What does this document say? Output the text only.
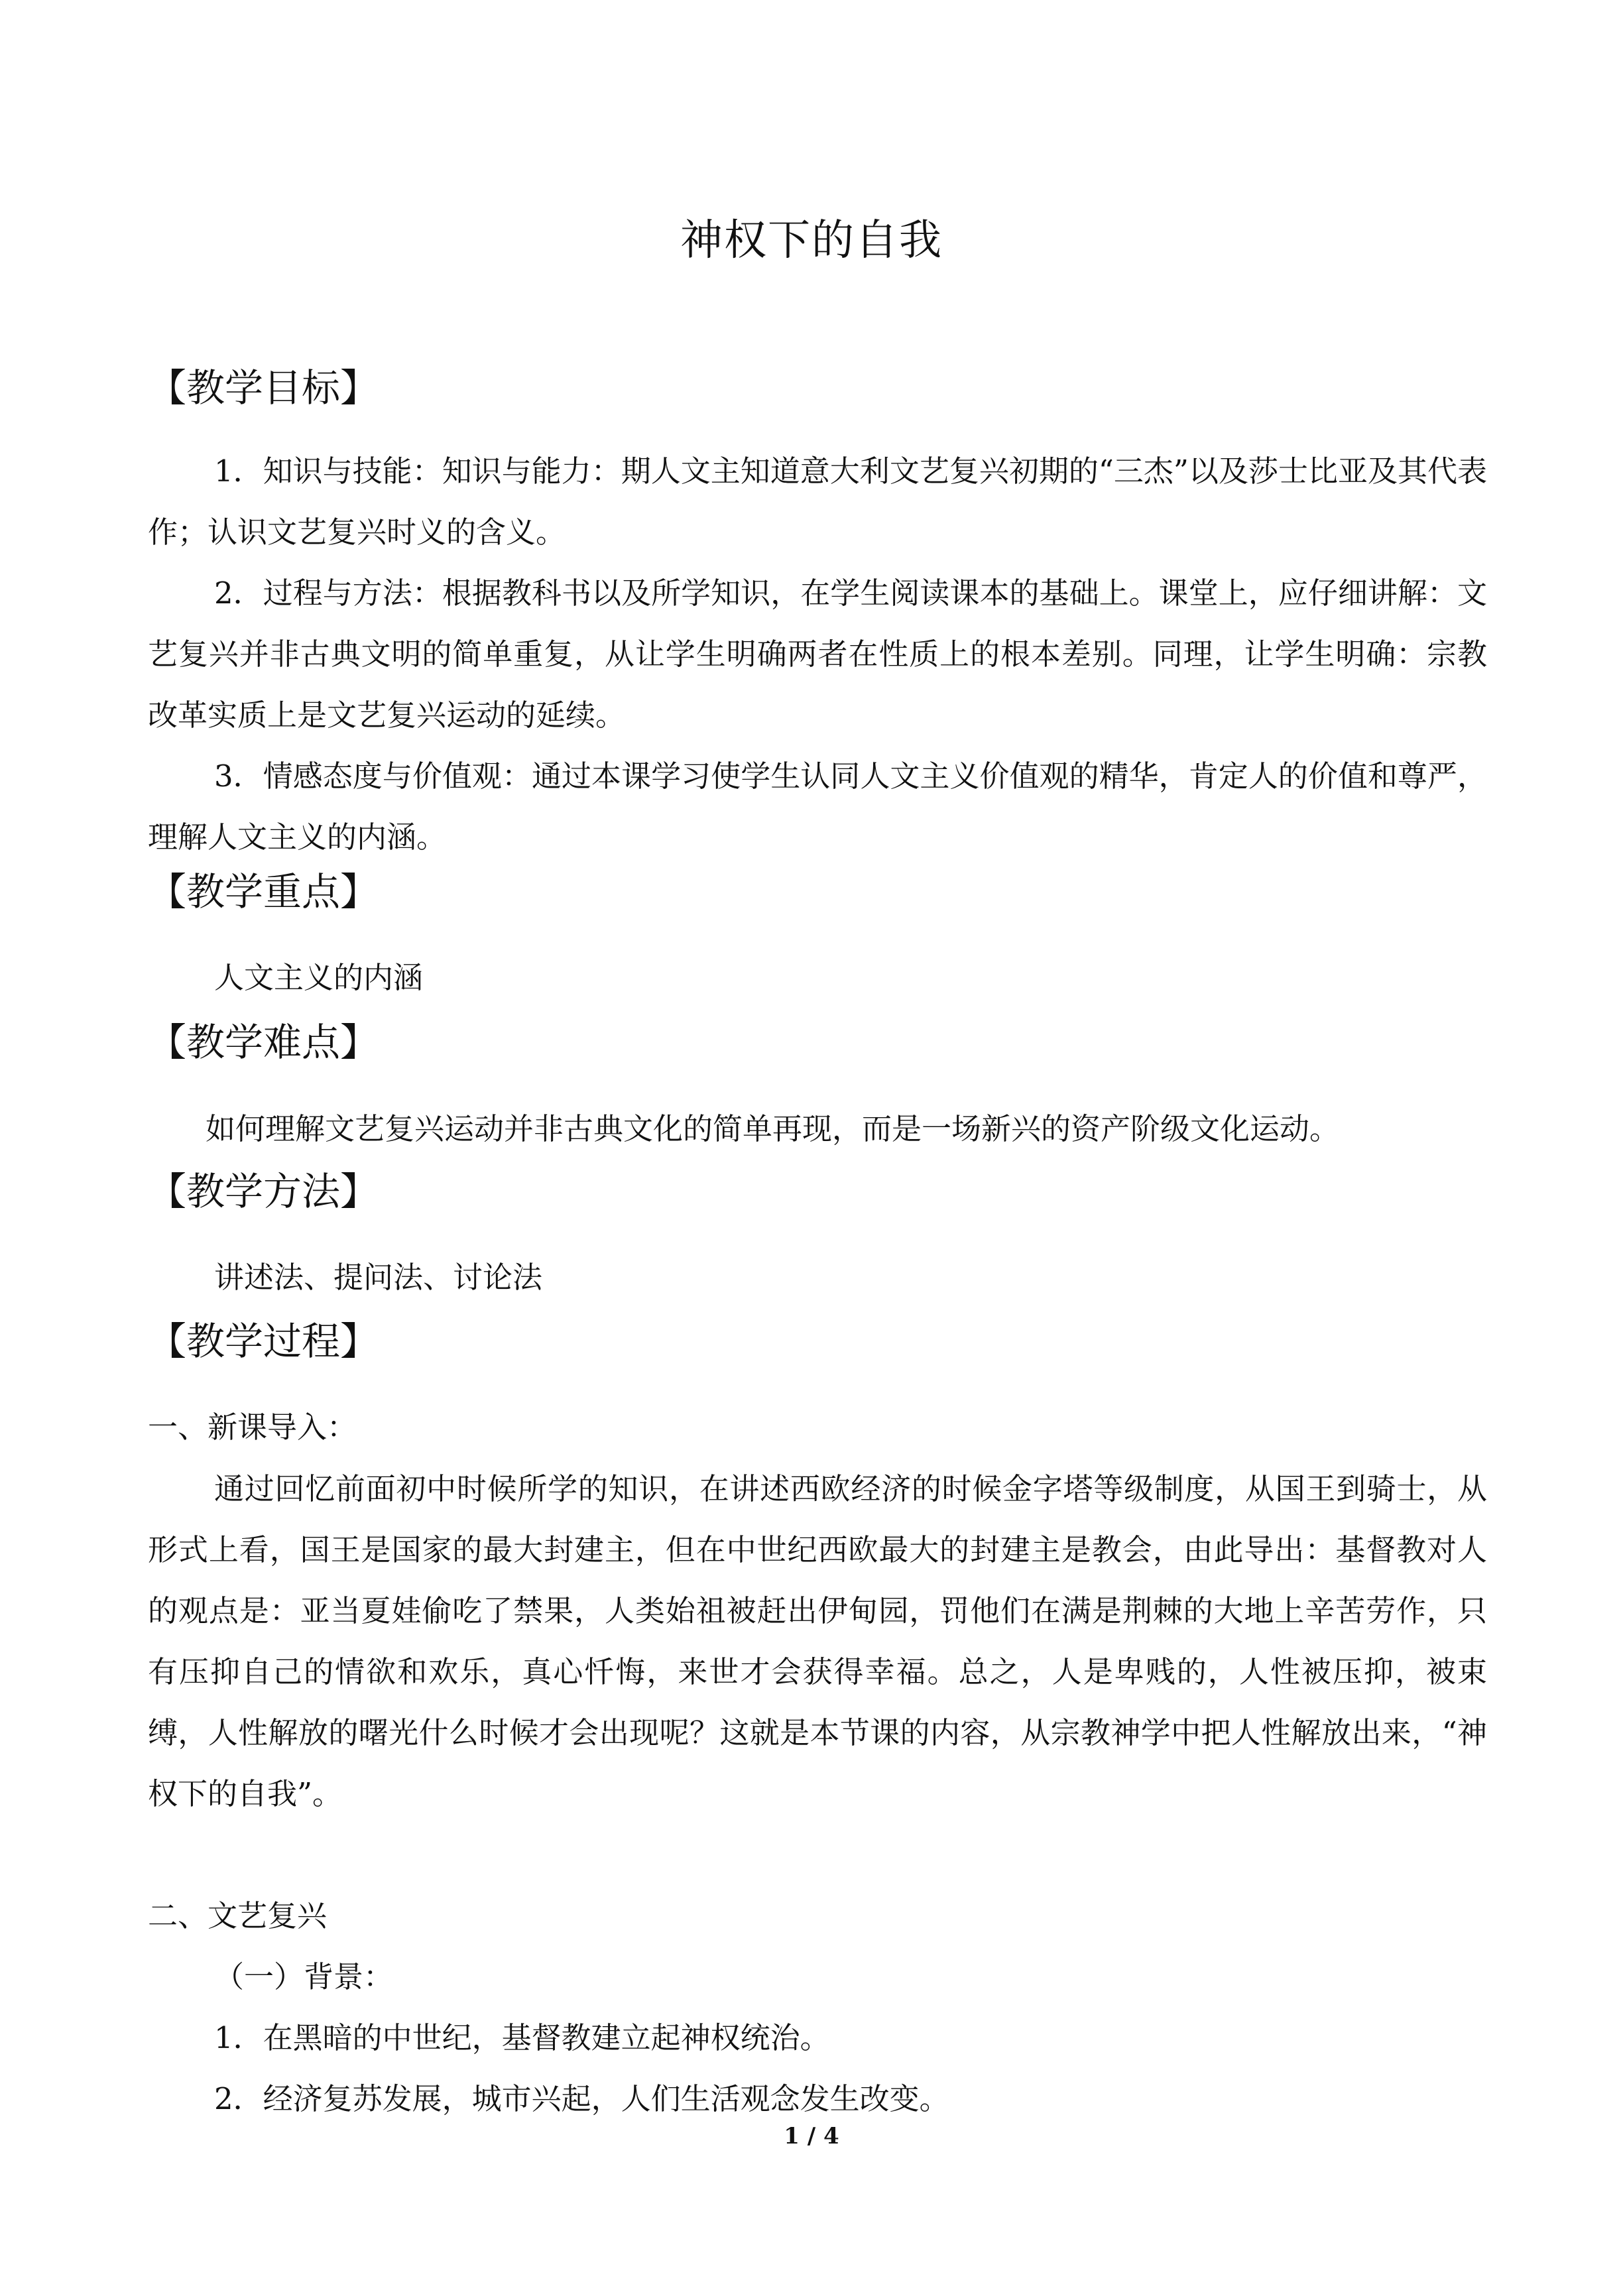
神权下的自我
【教学目标】
1．知识与技能：知识与能力：期人文主知道意大利文艺复兴初期的“三杰”以及莎士比亚及其代表作；认识文艺复兴时义的含义。
2．过程与方法：根据教科书以及所学知识，在学生阅读课本的基础上。课堂上，应仔细讲解：文艺复兴并非古典文明的简单重复，从让学生明确两者在性质上的根本差别。同理，让学生明确：宗教改革实质上是文艺复兴运动的延续。
3．情感态度与价值观：通过本课学习使学生认同人文主义价值观的精华，肯定人的价值和尊严，理解人文主义的内涵。
【教学重点】
人文主义的内涵
【教学难点】
如何理解文艺复兴运动并非古典文化的简单再现，而是一场新兴的资产阶级文化运动。
【教学方法】
讲述法、提问法、讨论法
【教学过程】
一、新课导入：
通过回忆前面初中时候所学的知识，在讲述西欧经济的时候金字塔等级制度，从国王到骑士，从形式上看，国王是国家的最大封建主，但在中世纪西欧最大的封建主是教会，由此导出：基督教对人的观点是：亚当夏娃偷吃了禁果，人类始祖被赶出伊甸园，罚他们在满是荆棘的大地上辛苦劳作，只有压抑自己的情欲和欢乐，真心忏悔，来世才会获得幸福。总之，人是卑贱的，人性被压抑，被束缚，人性解放的曙光什么时候才会出现呢？这就是本节课的内容，从宗教神学中把人性解放出来，“神权下的自我”。
二、文艺复兴
（一）背景：
1．在黑暗的中世纪，基督教建立起神权统治。
2．经济复苏发展，城市兴起，人们生活观念发生改变。
1 / 4
